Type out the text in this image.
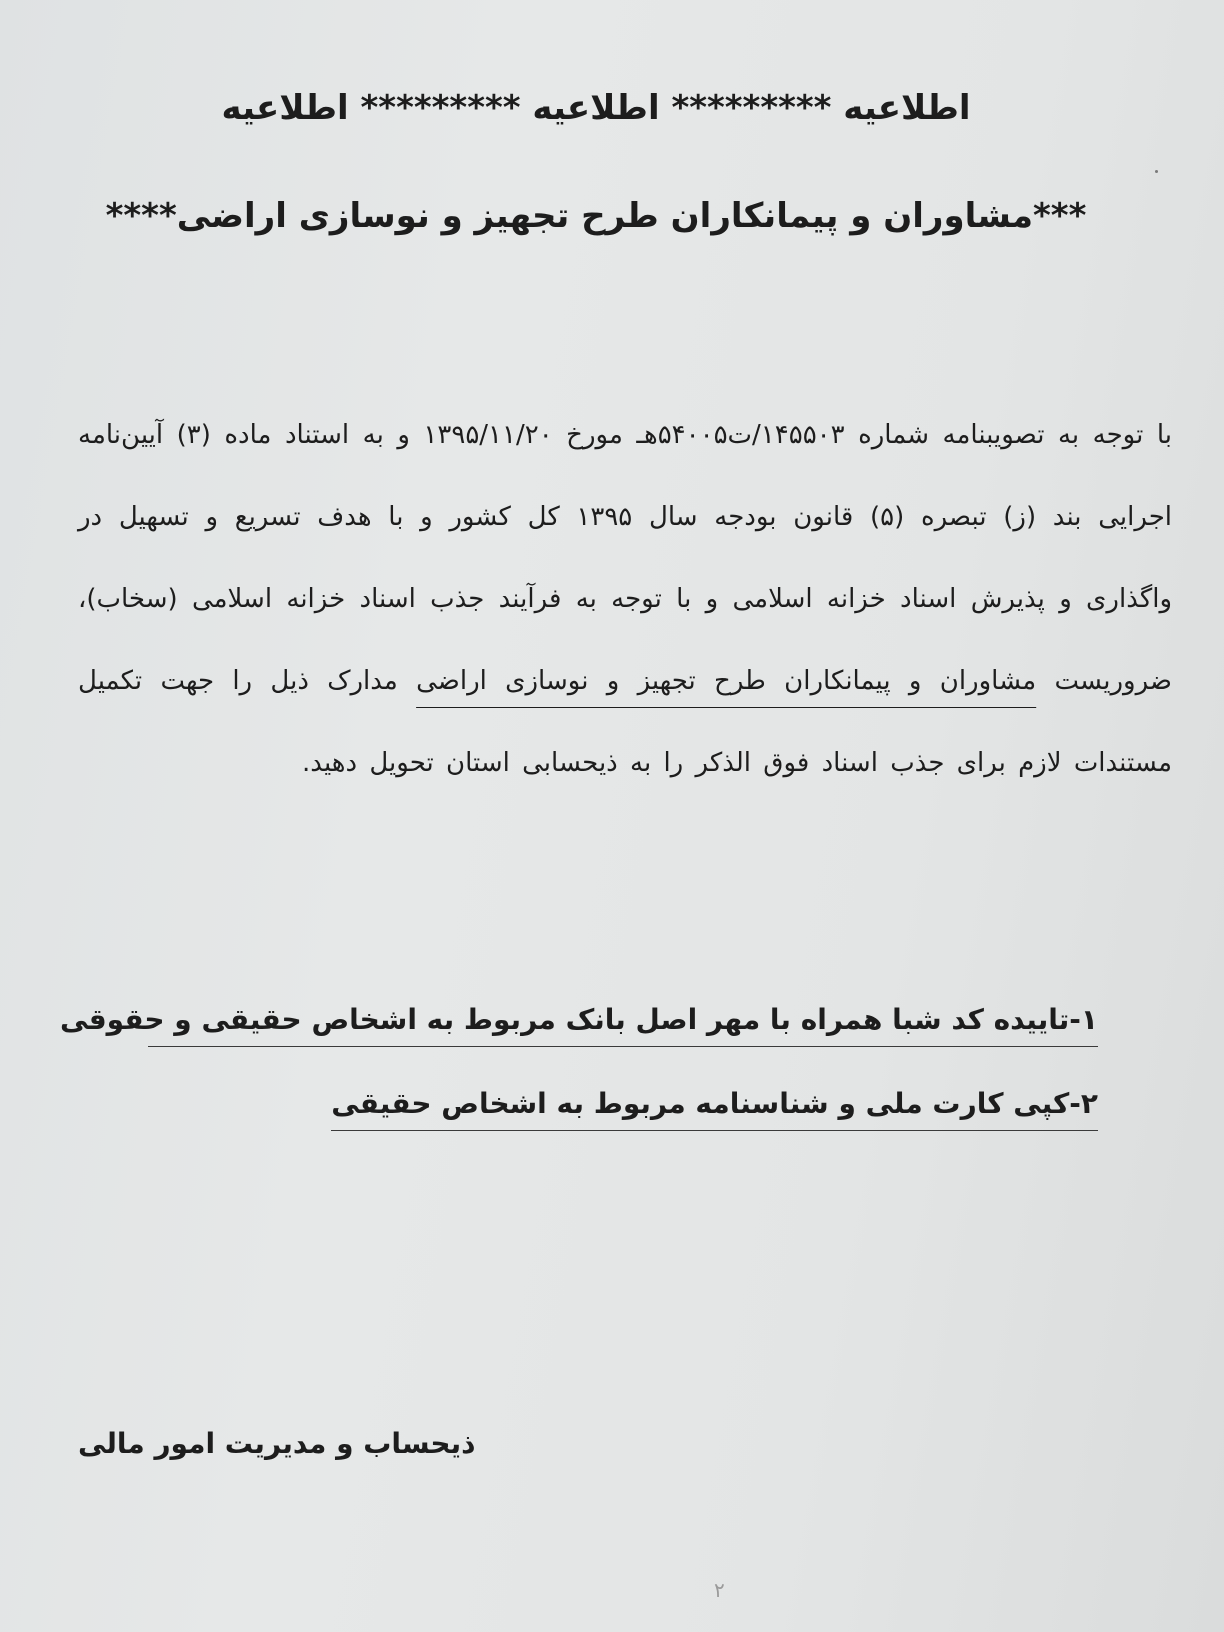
اطلاعیه ********* اطلاعیه ********* اطلاعیه
***مشاوران و پیمانکاران طرح تجهیز و نوسازی اراضی****
با توجه به تصویبنامه شماره ۱۴۵۵۰۳/ت۵۴۰۰۵هـ مورخ ۱۳۹۵/۱۱/۲۰ و به استناد ماده (۳) آیین‌نامه اجرایی بند (ز) تبصره (۵) قانون بودجه سال ۱۳۹۵ کل کشور و با هدف تسریع و تسهیل در واگذاری و پذیرش اسناد خزانه اسلامی و با توجه به فرآیند جذب اسناد خزانه اسلامی (سخاب)، ضروریست مشاوران و پیمانکاران طرح تجهیز و نوسازی اراضی مدارک ذیل را جهت تکمیل مستندات لازم برای جذب اسناد فوق الذکر را به ذیحسابی استان تحویل دهید.
۱-تاییده کد شبا همراه با مهر اصل بانک مربوط به اشخاص حقیقی و حقوقی
۲-کپی کارت ملی و شناسنامه مربوط به اشخاص حقیقی
ذیحساب و مدیریت امور مالی
۲
